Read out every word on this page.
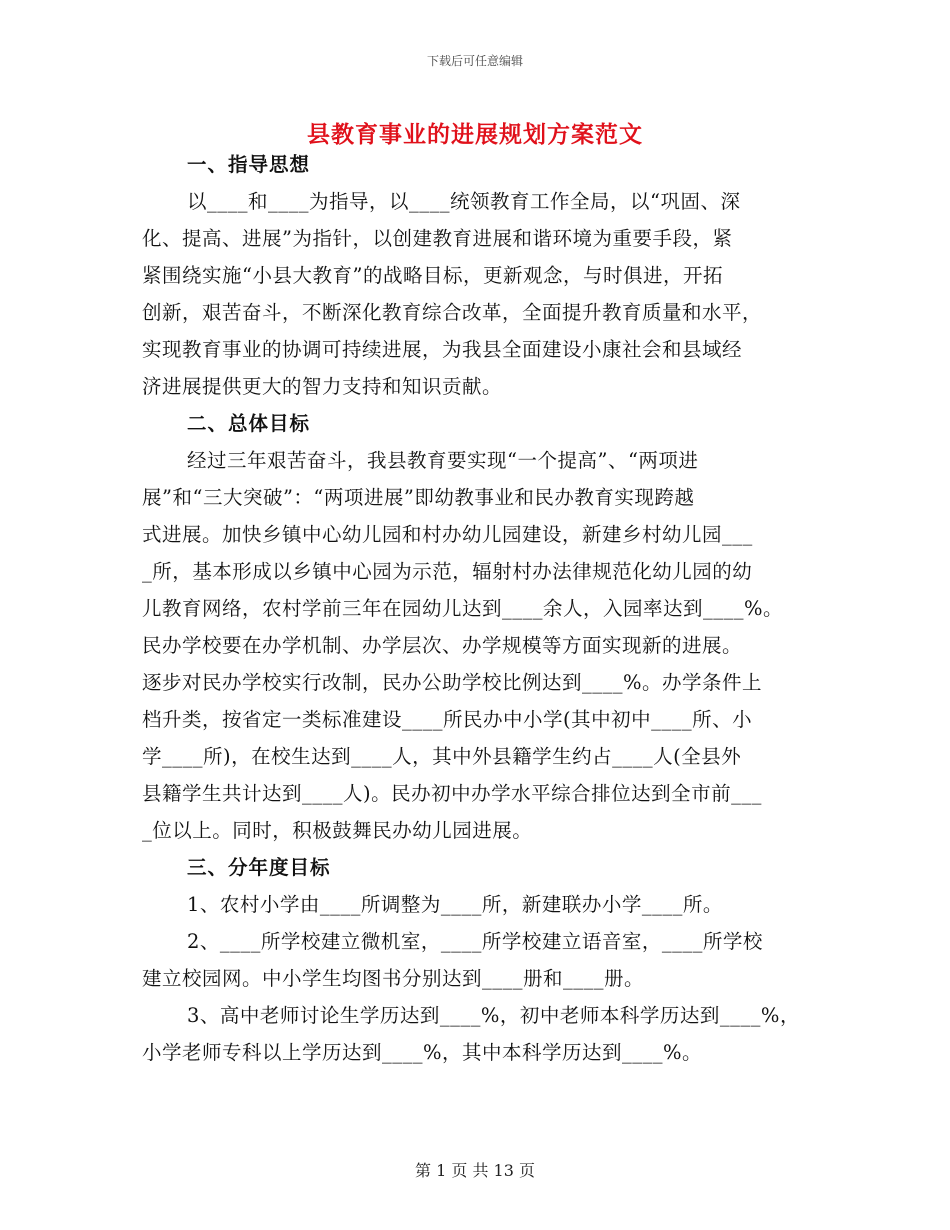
下载后可任意编辑
县教育事业的进展规划方案范文
一、指导思想
以____和____为指导，以____统领教育工作全局，以“巩固、深
化、提高、进展”为指针，以创建教育进展和谐环境为重要手段，紧
紧围绕实施“小县大教育”的战略目标，更新观念，与时俱进，开拓
创新，艰苦奋斗，不断深化教育综合改革，全面提升教育质量和水平，
实现教育事业的协调可持续进展，为我县全面建设小康社会和县域经
济进展提供更大的智力支持和知识贡献。
二、总体目标
经过三年艰苦奋斗，我县教育要实现“一个提高”、“两项进
展”和“三大突破”：“两项进展”即幼教事业和民办教育实现跨越
式进展。加快乡镇中心幼儿园和村办幼儿园建设，新建乡村幼儿园___
_所，基本形成以乡镇中心园为示范，辐射村办法律规范化幼儿园的幼
儿教育网络，农村学前三年在园幼儿达到____余人，入园率达到____%。
民办学校要在办学机制、办学层次、办学规模等方面实现新的进展。
逐步对民办学校实行改制，民办公助学校比例达到____%。办学条件上
档升类，按省定一类标准建设____所民办中小学(其中初中____所、小
学____所)，在校生达到____人，其中外县籍学生约占____人(全县外
县籍学生共计达到____人)。民办初中办学水平综合排位达到全市前___
_位以上。同时，积极鼓舞民办幼儿园进展。
三、分年度目标
1、农村小学由____所调整为____所，新建联办小学____所。
2、____所学校建立微机室，____所学校建立语音室，____所学校
建立校园网。中小学生均图书分别达到____册和____册。
3、高中老师讨论生学历达到____%，初中老师本科学历达到____%，
小学老师专科以上学历达到____%，其中本科学历达到____%。
第 1 页 共 13 页
